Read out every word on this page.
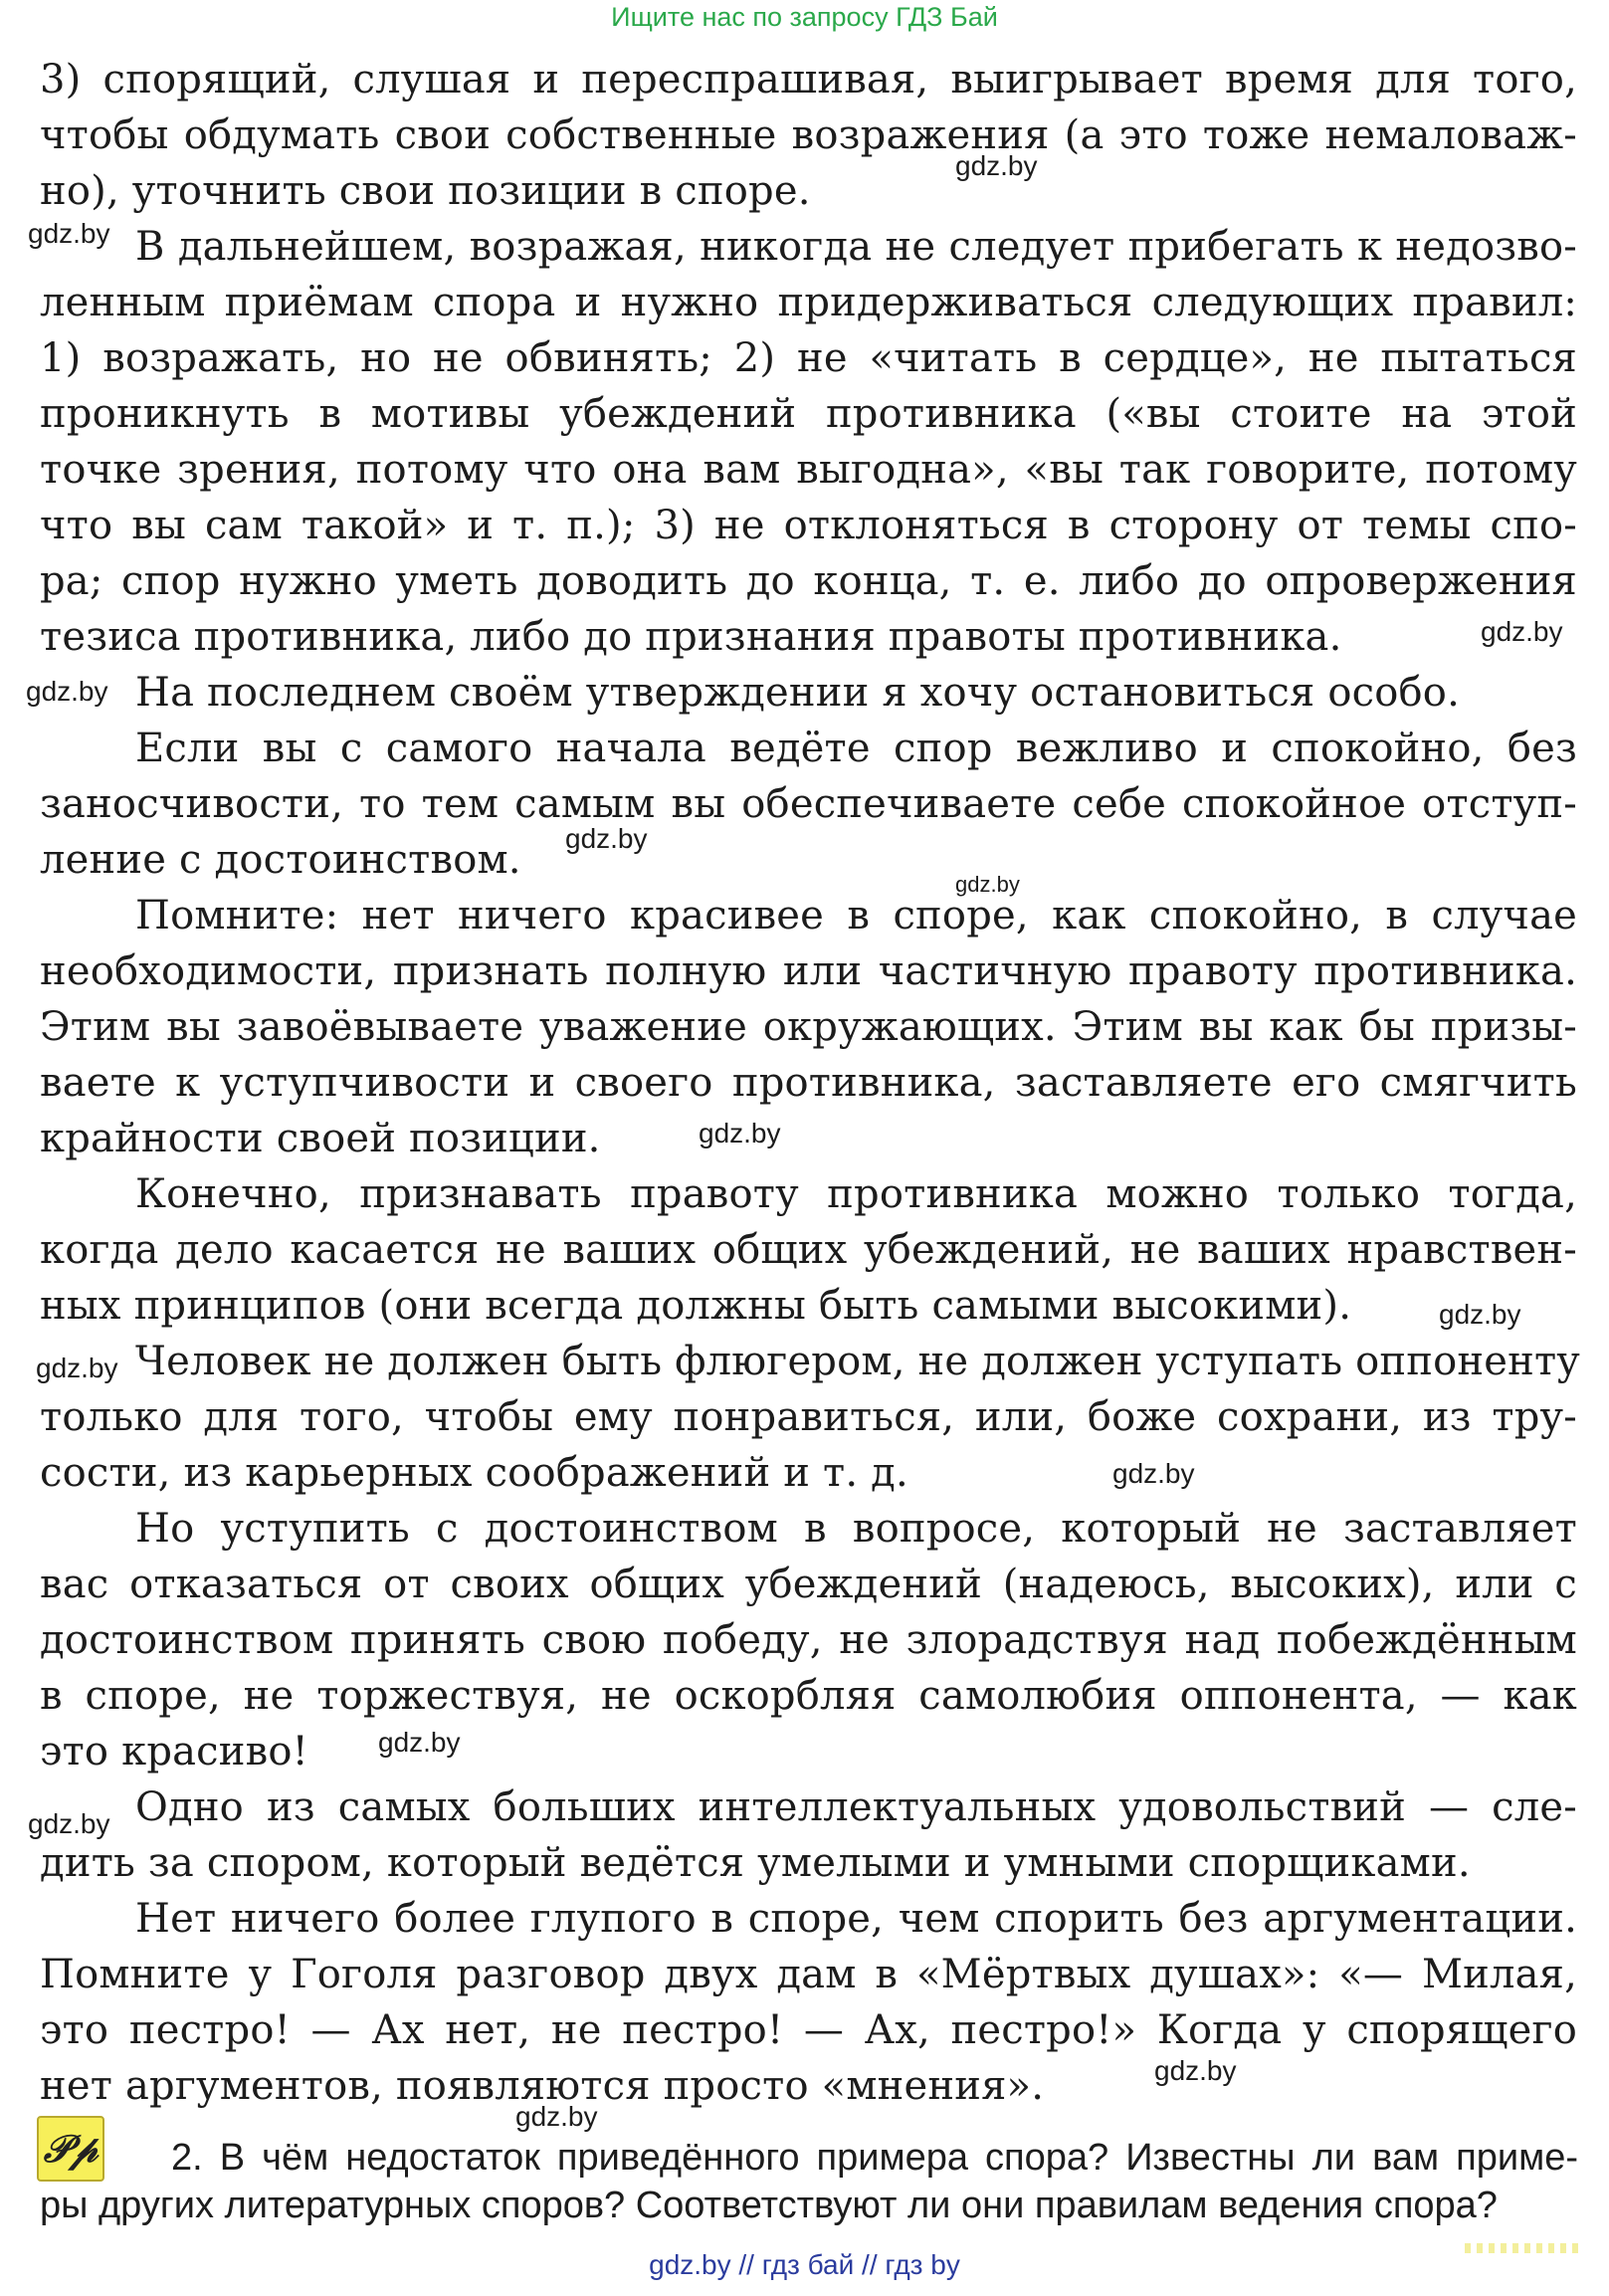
Ищите нас по запросу ГДЗ Бай
3) спорящий, слушая и переспрашивая, выигрывает время для того,
чтобы обдумать свои собственные возражения (а это тоже немаловаж-
но), уточнить свои позиции в споре.
В дальнейшем, возражая, никогда не следует прибегать к недозво-
ленным приёмам спора и нужно придерживаться следующих правил:
1) возражать, но не обвинять; 2) не «читать в сердце», не пытаться
проникнуть в мотивы убеждений противника («вы стоите на этой
точке зрения, потому что она вам выгодна», «вы так говорите, потому
что вы сам такой» и т. п.); 3) не отклоняться в сторону от темы спо-
ра; спор нужно уметь доводить до конца, т. е. либо до опровержения
тезиса противника, либо до признания правоты противника.
На последнем своём утверждении я хочу остановиться особо.
Если вы с самого начала ведёте спор вежливо и спокойно, без
заносчивости, то тем самым вы обеспечиваете себе спокойное отступ-
ление с достоинством.
Помните: нет ничего красивее в споре, как спокойно, в случае
необходимости, признать полную или частичную правоту противника.
Этим вы завоёвываете уважение окружающих. Этим вы как бы призы-
ваете к уступчивости и своего противника, заставляете его смягчить
крайности своей позиции.
Конечно, признавать правоту противника можно только тогда,
когда дело касается не ваших общих убеждений, не ваших нравствен-
ных принципов (они всегда должны быть самыми высокими).
Человек не должен быть флюгером, не должен уступать оппоненту
только для того, чтобы ему понравиться, или, боже сохрани, из тру-
сости, из карьерных соображений и т. д.
Но уступить с достоинством в вопросе, который не заставляет
вас отказаться от своих общих убеждений (надеюсь, высоких), или с
достоинством принять свою победу, не злорадствуя над побеждённым
в споре, не торжествуя, не оскорбляя самолюбия оппонента, — как
это красиво!
Одно из самых больших интеллектуальных удовольствий — сле-
дить за спором, который ведётся умелыми и умными спорщиками.
Нет ничего более глупого в споре, чем спорить без аргументации.
Помните у Гоголя разговор двух дам в «Мёртвых душах»: «— Милая,
это пестро! — Ах нет, не пестро! — Ах, пестро!» Когда у спорящего
нет аргументов, появляются просто «мнения».
gdz.by
gdz.by
gdz.by
gdz.by
gdz.by
gdz.by
gdz.by
gdz.by
gdz.by
gdz.by
gdz.by
gdz.by
gdz.by
gdz.by
𝒫𝓅 2. В чём недостаток приведённого примера спора? Известны ли вам приме-
ры других литературных споров? Соответствуют ли они правилам ведения спора?
gdz.by // гдз бай // гдз by
